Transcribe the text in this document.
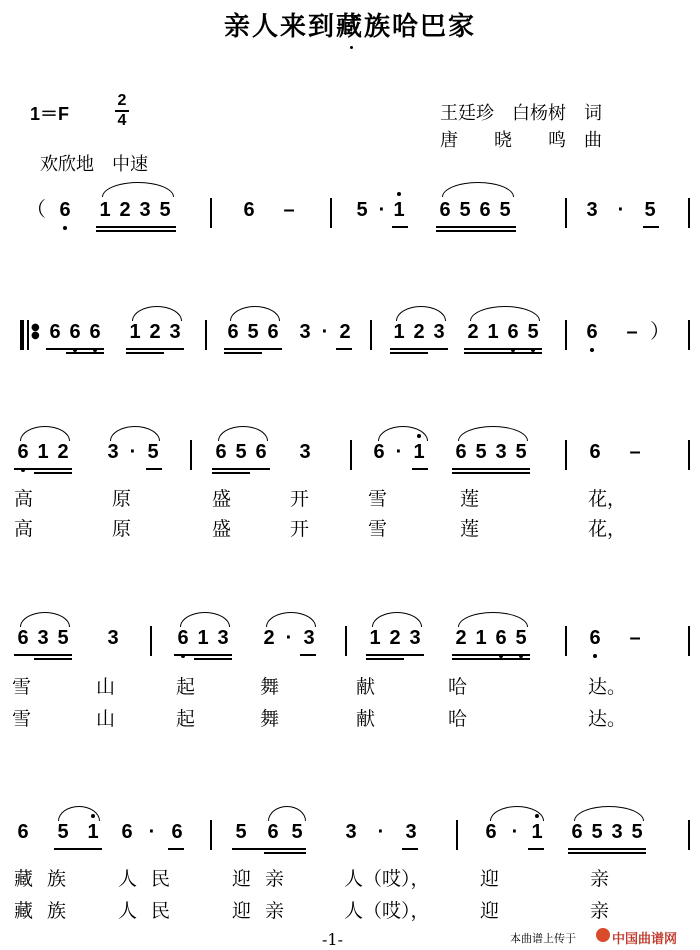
亲人来到藏族哈巴家
1＝F
2
4
欢欣地　中速
王廷珍　白杨树　词
唐　　晓　　鸣　曲
（ 6 1 2 3 5	6 –	5 · 1 6 5 6 5	3 · 5
●
● 6 6 6 1 2 3 6 5 6 3 · 2 1 2 3 2 1 6 5 6 – ）
6 1 2 3 · 5	6 5 6 3	6 · 1 6 5 3 5	6 –
高	原	盛	开	雪	莲	花，
高	原	盛	开	雪	莲	花，
6 3 5 3	6 1 3 2 · 3	1 2 3 2 1 6 5	6 –
雪	山	起	舞	献	哈	达。
雪	山	起	舞	献	哈	达。
6 5 1 6 · 6	5 6 5 3 · 3	6 · 1 6 5 3 5
藏族 人民	迎亲 人（哎），	迎	亲
藏族 人民	迎亲 人（哎），	迎	亲
-1-	本曲谱上传于	中国曲谱网
